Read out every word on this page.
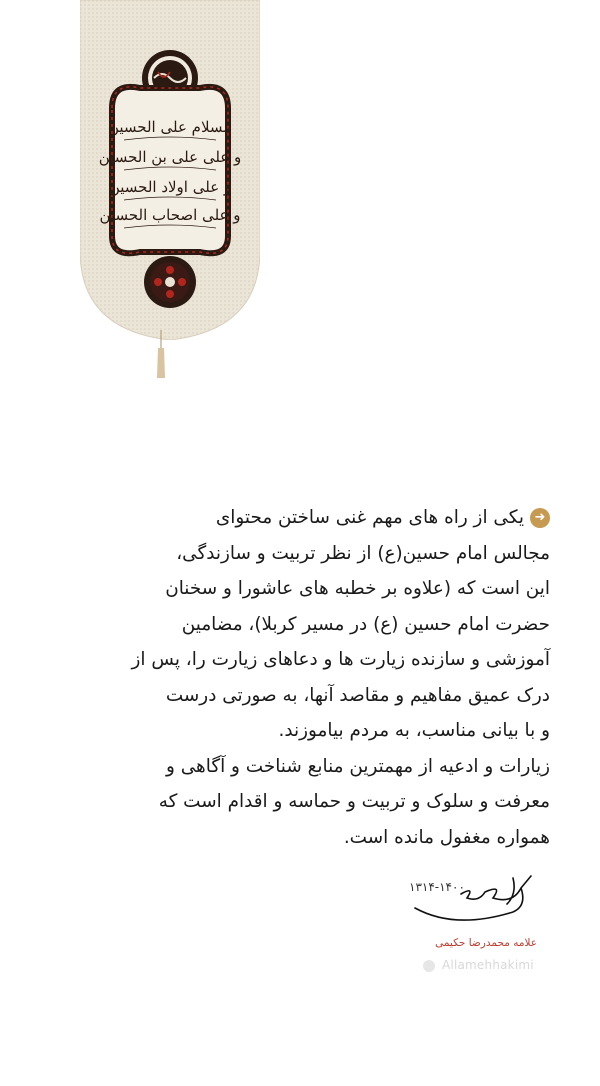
السلام علی الحسین
و علی علی بن الحسین
و علی اولاد الحسین
و علی اصحاب الحسین
➜یکی از راه های مهم غنی ساختن محتوای
مجالس امام حسین(ع) از نظر تربیت و سازندگی،
این است که (علاوه بر خطبه های عاشورا و سخنان
حضرت امام حسین (ع) در مسیر کربلا)، مضامین
آموزشی و سازنده زیارت ها و دعاهای زیارت را، پس از
درک عمیق مفاهیم و مقاصد آنها، به صورتی درست
و با بیانی مناسب، به مردم بیاموزند.
زیارات و ادعیه از مهمترین منابع شناخت و آگاهی و
معرفت و سلوک و تربیت و حماسه و اقدام است که
همواره مغفول مانده است.
۱۳۱۴-۱۴۰۰
علامه محمدرضا حکیمی
Allamehhakimi
